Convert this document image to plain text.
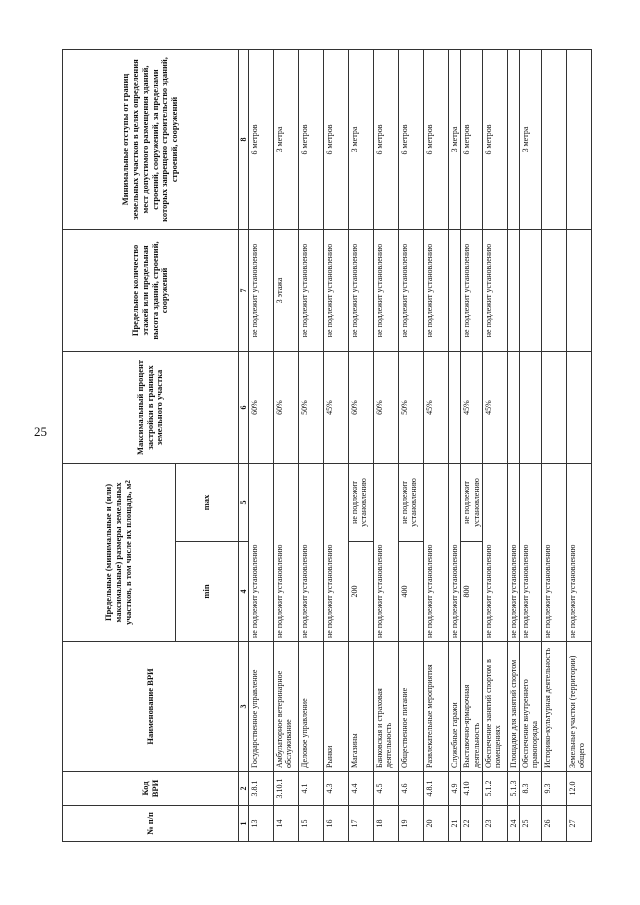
25
№ п/п	Код ВРИ	Наименование ВРИ	Предельные (минимальные и (или) максимальные) размеры земельных участков, в том числе их площадь, $м^2$		Максимальный процент застройки в границах земельного участка	Предельное количество этажей или предельная высота зданий, строений, сооружений	Минимальные отступы от границ земельных участков в целях определения мест допустимого размещения зданий, строений, сооружений, за пределами которых запрещено строительство зданий, строений, сооружений
			min	max			
1	2	3	4	5	6	7	8
13	3.8.1	Государственное управление	не подлежит установлению		60%	не подлежит установлению	6 метров
14	3.10.1	Амбулаторное ветеринарное обслуживание	не подлежит установлению		60%	3 этажа	3 метра
15	4.1	Деловое управление	не подлежит установлению		50%	не подлежит установлению	6 метров
16	4.3	Рынки	не подлежит установлению		45%	не подлежит установлению	6 метров
17	4.4	Магазины	200	не подлежит установлению	60%	не подлежит установлению	3 метра
18	4.5	Банковская и страховая деятельность	не подлежит установлению		60%	не подлежит установлению	6 метров
19	4.6	Общественное питание	400	не подлежит установлению	50%	не подлежит установлению	6 метров
20	4.8.1	Развлекательные мероприятия	не подлежит установлению		45%	не подлежит установлению	6 метров
21	4.9	Служебные гаражи	не подлежит установлению				3 метра
22	4.10	Выставочно-ярмарочная деятельность	800	не подлежит установлению	45%	не подлежит установлению	6 метров
23	5.1.2	Обеспечение занятий спортом в помещениях	не подлежит установлению		45%	не подлежит установлению	6 метров
24	5.1.3	Площадки для занятий спортом	не подлежит установлению				
25	8.3	Обеспечение внутреннего правопорядка	не подлежит установлению				3 метра
26	9.3	Историко-культурная деятельность	не подлежит установлению				
27	12.0	Земельные участки (территории) общего	не подлежит установлению				
